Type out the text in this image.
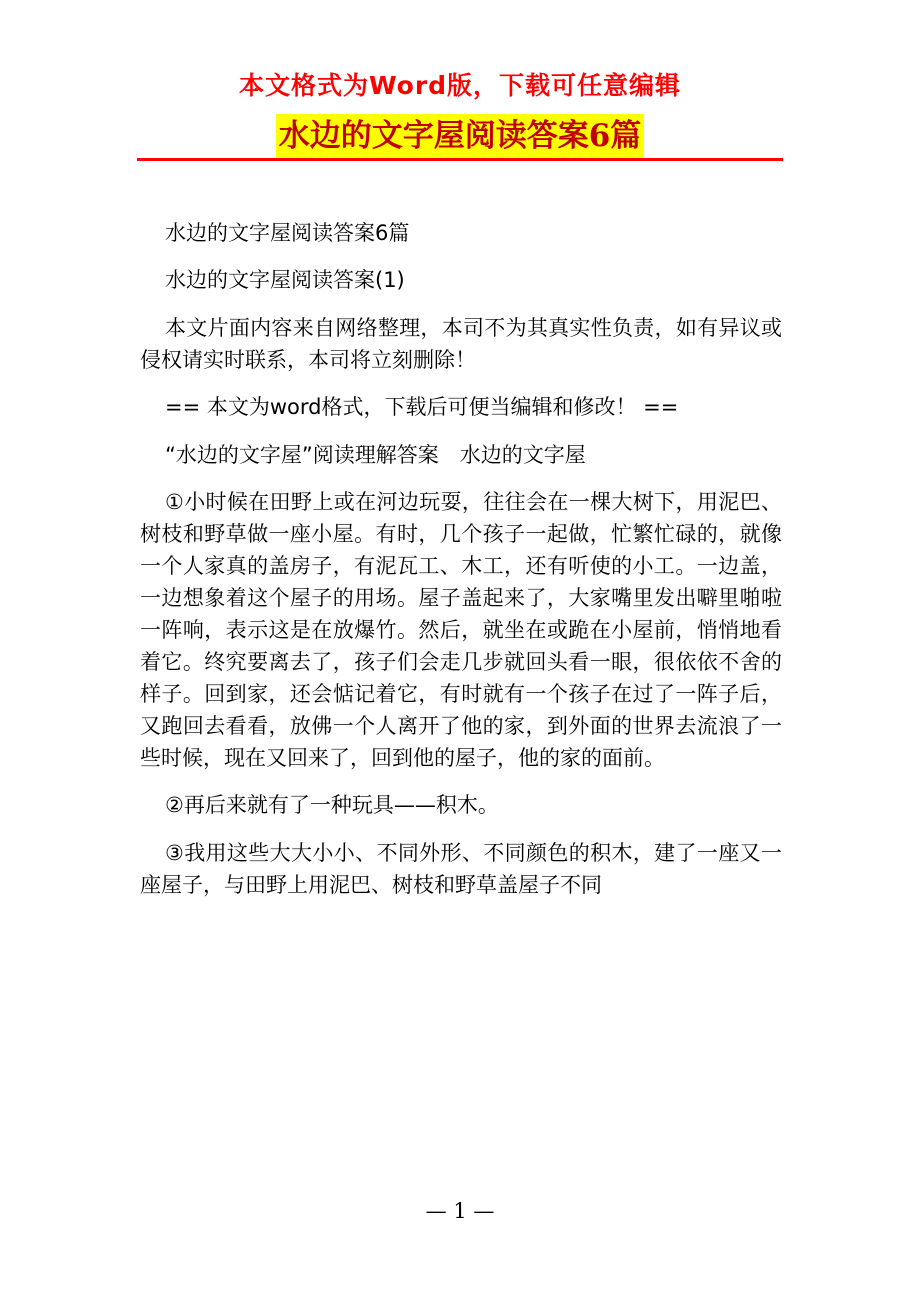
本文格式为Word版，下载可任意编辑
水边的文字屋阅读答案6篇

水边的文字屋阅读答案6篇

水边的文字屋阅读答案(1)

本文片面内容来自网络整理，本司不为其真实性负责，如有异议或侵权请实时联系，本司将立刻删除！

== 本文为word格式，下载后可便当编辑和修改！ ==

“水边的文字屋”阅读理解答案　水边的文字屋

①小时候在田野上或在河边玩耍，往往会在一棵大树下，用泥巴、树枝和野草做一座小屋。有时，几个孩子一起做，忙繁忙碌的，就像一个人家真的盖房子，有泥瓦工、木工，还有听使的小工。一边盖，一边想象着这个屋子的用场。屋子盖起来了，大家嘴里发出噼里啪啦一阵响，表示这是在放爆竹。然后，就坐在或跪在小屋前，悄悄地看着它。终究要离去了，孩子们会走几步就回头看一眼，很依依不舍的样子。回到家，还会惦记着它，有时就有一个孩子在过了一阵子后，又跑回去看看，放佛一个人离开了他的家，到外面的世界去流浪了一些时候，现在又回来了，回到他的屋子，他的家的面前。

②再后来就有了一种玩具——积木。

③我用这些大大小小、不同外形、不同颜色的积木，建了一座又一座屋子，与田野上用泥巴、树枝和野草盖屋子不同

— 1 —
